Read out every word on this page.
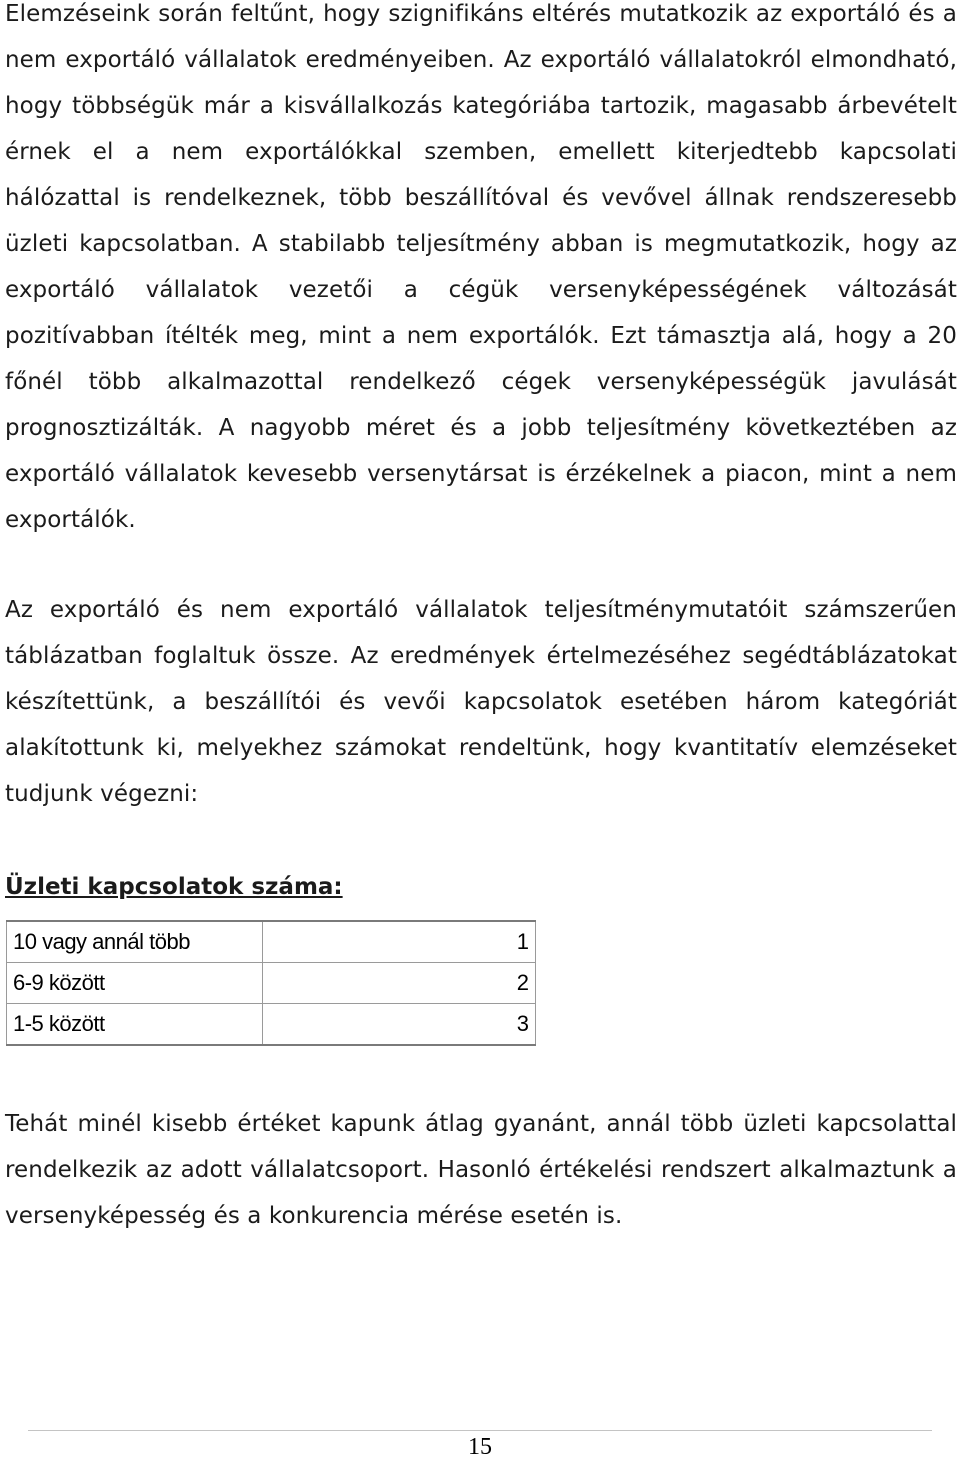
Elemzéseink során feltűnt, hogy szignifikáns eltérés mutatkozik az exportáló és a nem exportáló vállalatok eredményeiben. Az exportáló vállalatokról elmondható, hogy többségük már a kisvállalkozás kategóriába tartozik, magasabb árbevételt érnek el a nem exportálókkal szemben, emellett kiterjedtebb kapcsolati hálózattal is rendelkeznek, több beszállítóval és vevővel állnak rendszeresebb üzleti kapcsolatban. A stabilabb teljesítmény abban is megmutatkozik, hogy az exportáló vállalatok vezetői a cégük versenyképességének változását pozitívabban ítélték meg, mint a nem exportálók. Ezt támasztja alá, hogy a 20 főnél több alkalmazottal rendelkező cégek versenyképességük javulását prognosztizálták. A nagyobb méret és a jobb teljesítmény következtében az exportáló vállalatok kevesebb versenytársat is érzékelnek a piacon, mint a nem exportálók.

Az exportáló és nem exportáló vállalatok teljesítménymutatóit számszerűen táblázatban foglaltuk össze. Az eredmények értelmezéséhez segédtáblázatokat készítettünk, a beszállítói és vevői kapcsolatok esetében három kategóriát alakítottunk ki, melyekhez számokat rendeltünk, hogy kvantitatív elemzéseket tudjunk végezni:

Üzleti kapcsolatok száma:
10 vagy annál több	1
6-9 között	2
1-5 között	3

Tehát minél kisebb értéket kapunk átlag gyanánt, annál több üzleti kapcsolattal rendelkezik az adott vállalatcsoport. Hasonló értékelési rendszert alkalmaztunk a versenyképesség és a konkurencia mérése esetén is.

15
